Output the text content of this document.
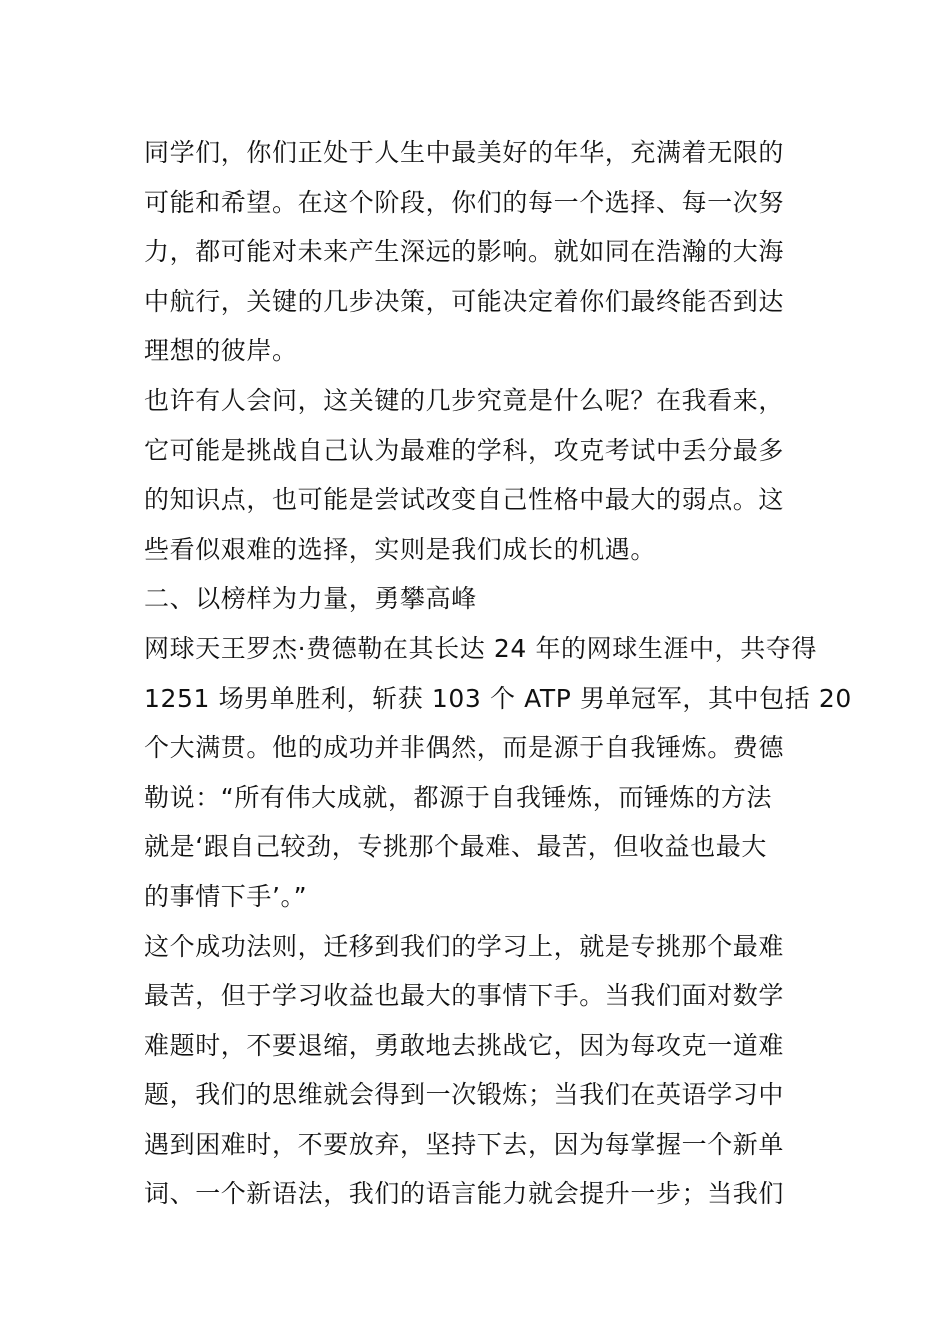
同学们，你们正处于人生中最美好的年华，充满着无限的
可能和希望。在这个阶段，你们的每一个选择、每一次努
力，都可能对未来产生深远的影响。就如同在浩瀚的大海
中航行，关键的几步决策，可能决定着你们最终能否到达
理想的彼岸。
也许有人会问，这关键的几步究竟是什么呢？在我看来，
它可能是挑战自己认为最难的学科，攻克考试中丢分最多
的知识点，也可能是尝试改变自己性格中最大的弱点。这
些看似艰难的选择，实则是我们成长的机遇。
二、以榜样为力量，勇攀高峰
网球天王罗杰·费德勒在其长达 24 年的网球生涯中，共夺得
1251 场男单胜利，斩获 103 个 ATP 男单冠军，其中包括 20
个大满贯。他的成功并非偶然，而是源于自我锤炼。费德
勒说：“所有伟大成就，都源于自我锤炼，而锤炼的方法
就是‘跟自己较劲，专挑那个最难、最苦，但收益也最大
的事情下手’。”
这个成功法则，迁移到我们的学习上，就是专挑那个最难
最苦，但于学习收益也最大的事情下手。当我们面对数学
难题时，不要退缩，勇敢地去挑战它，因为每攻克一道难
题，我们的思维就会得到一次锻炼；当我们在英语学习中
遇到困难时，不要放弃，坚持下去，因为每掌握一个新单
词、一个新语法，我们的语言能力就会提升一步；当我们
